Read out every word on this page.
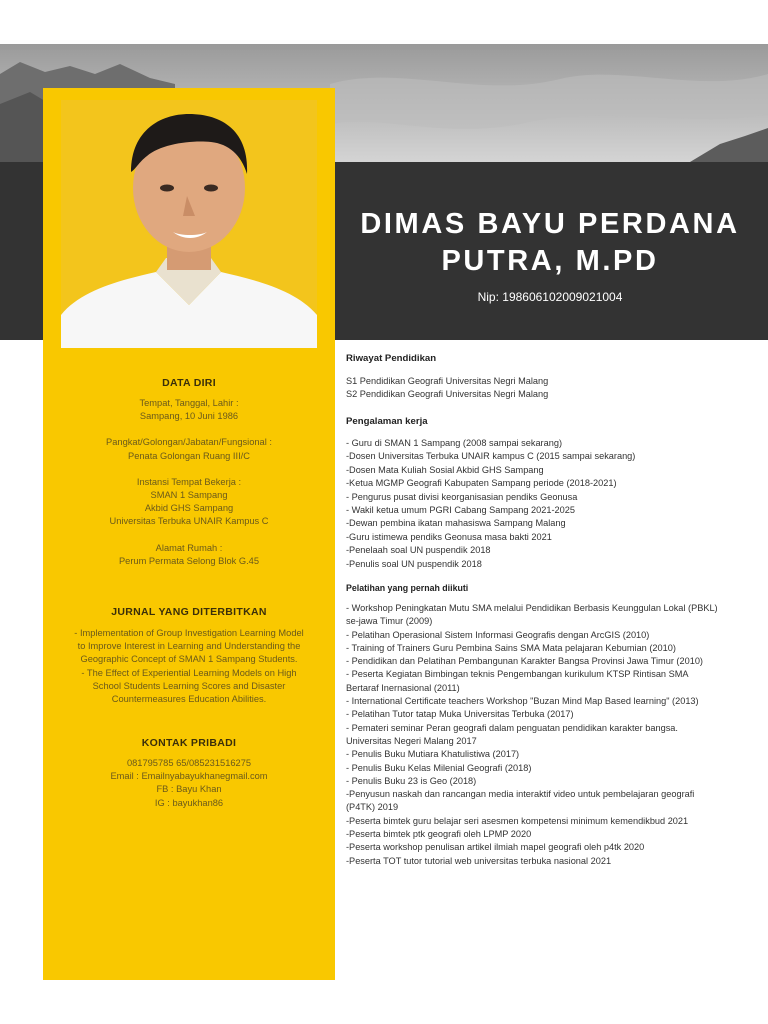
DIMAS BAYU PERDANA
PUTRA, M.PD
Nip: 198606102009021004
DATA DIRI
Tempat, Tanggal, Lahir :
Sampang, 10 Juni 1986
Pangkat/Golongan/Jabatan/Fungsional :
Penata Golongan Ruang III/C
Instansi Tempat Bekerja :
SMAN 1 Sampang
Akbid GHS Sampang
Universitas Terbuka UNAIR Kampus C
Alamat Rumah :
Perum Permata Selong Blok G.45
JURNAL YANG DITERBITKAN
- Implementation of Group Investigation Learning Model
to Improve Interest in Learning and Understanding the
Geographic Concept of SMAN 1 Sampang Students.
- The Effect of Experiential Learning Models on High
School Students Learning Scores and Disaster
Countermeasures Education Abilities.
KONTAK PRIBADI
081795785 65/085231516275
Email : Emailnyabayukhanegmail.com
FB : Bayu Khan
IG : bayukhan86
Riwayat Pendidikan
S1 Pendidikan Geografi Universitas Negri Malang
S2 Pendidikan Geografi Universitas Negri Malang
Pengalaman kerja
- Guru di SMAN 1 Sampang (2008 sampai sekarang)
-Dosen Universitas Terbuka UNAIR kampus C (2015 sampai sekarang)
-Dosen Mata Kuliah Sosial Akbid GHS Sampang
-Ketua MGMP Geografi Kabupaten Sampang periode (2018-2021)
- Pengurus pusat divisi keorganisasian pendiks Geonusa
- Wakil ketua umum PGRI Cabang Sampang 2021-2025
-Dewan pembina ikatan mahasiswa Sampang Malang
-Guru istimewa pendiks Geonusa masa bakti 2021
-Penelaah soal UN puspendik 2018
-Penulis soal UN puspendik 2018
Pelatihan yang pernah diikuti
- Workshop Peningkatan Mutu SMA melalui Pendidikan Berbasis Keunggulan Lokal (PBKL)
se-jawa Timur (2009)
- Pelatihan Operasional Sistem Informasi Geografis dengan ArcGIS (2010)
- Training of Trainers Guru Pembina Sains SMA Mata pelajaran Kebumian (2010)
- Pendidikan dan Pelatihan Pembangunan Karakter Bangsa Provinsi Jawa Timur (2010)
- Peserta Kegiatan Bimbingan teknis Pengembangan kurikulum KTSP Rintisan SMA
Bertaraf Inernasional (2011)
- International Certificate teachers Workshop "Buzan Mind Map Based learning" (2013)
- Pelatihan Tutor tatap Muka Universitas Terbuka (2017)
- Pemateri seminar Peran geografi dalam penguatan pendidikan karakter bangsa.
Universitas Negeri Malang 2017
- Penulis Buku Mutiara Khatulistiwa (2017)
- Penulis Buku Kelas Milenial Geografi (2018)
- Penulis Buku 23 is Geo (2018)
-Penyusun naskah dan rancangan media interaktif video untuk pembelajaran geografi
(P4TK) 2019
-Peserta bimtek guru belajar seri asesmen kompetensi minimum kemendikbud 2021
-Peserta bimtek ptk geografi oleh LPMP 2020
-Peserta workshop penulisan artikel ilmiah mapel geografi oleh p4tk 2020
-Peserta TOT tutor tutorial web universitas terbuka nasional 2021
